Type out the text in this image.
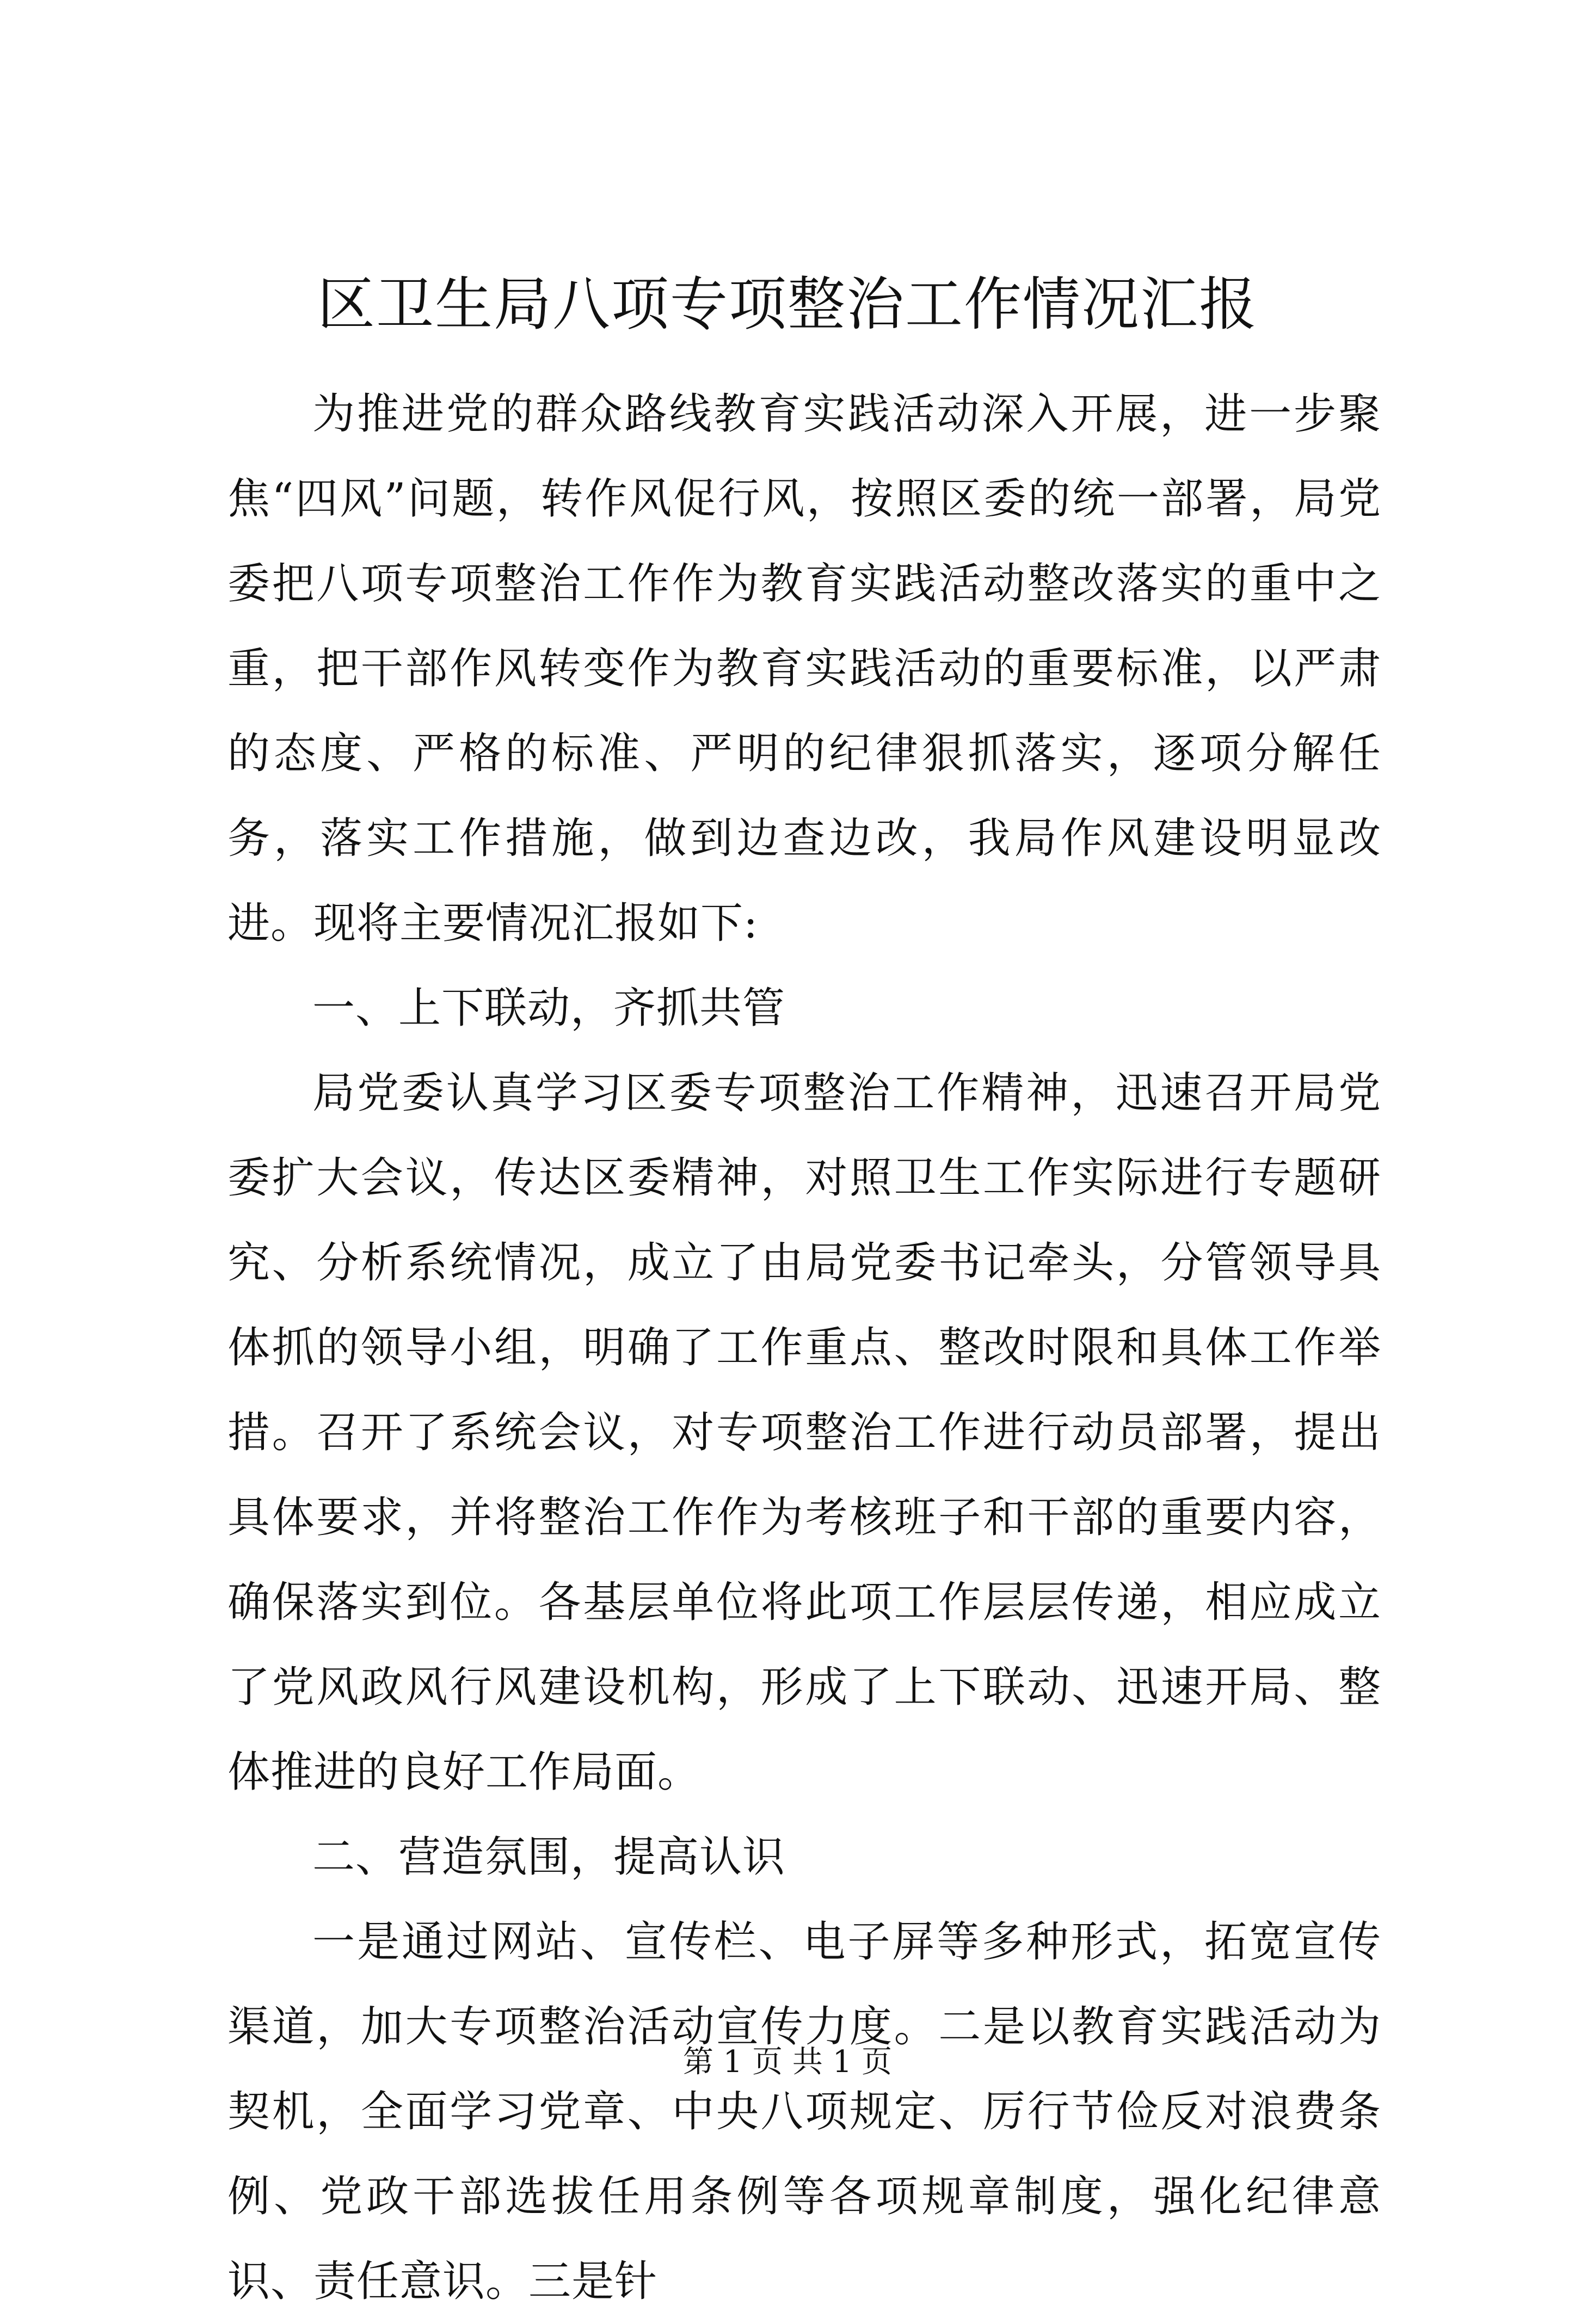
区卫生局八项专项整治工作情况汇报

为推进党的群众路线教育实践活动深入开展，进一步聚焦“四风”问题，转作风促行风，按照区委的统一部署，局党委把八项专项整治工作作为教育实践活动整改落实的重中之重，把干部作风转变作为教育实践活动的重要标准，以严肃的态度、严格的标准、严明的纪律狠抓落实，逐项分解任务，落实工作措施，做到边查边改，我局作风建设明显改进。现将主要情况汇报如下:

一、上下联动，齐抓共管

局党委认真学习区委专项整治工作精神，迅速召开局党委扩大会议，传达区委精神，对照卫生工作实际进行专题研究、分析系统情况，成立了由局党委书记牵头，分管领导具体抓的领导小组，明确了工作重点、整改时限和具体工作举措。召开了系统会议，对专项整治工作进行动员部署，提出具体要求，并将整治工作作为考核班子和干部的重要内容，确保落实到位。各基层单位将此项工作层层传递，相应成立了党风政风行风建设机构，形成了上下联动、迅速开局、整体推进的良好工作局面。

二、营造氛围，提高认识

一是通过网站、宣传栏、电子屏等多种形式，拓宽宣传渠道，加大专项整治活动宣传力度。二是以教育实践活动为契机，全面学习党章、中央八项规定、厉行节俭反对浪费条例、党政干部选拔任用条例等各项规章制度，强化纪律意识、责任意识。三是针

第 1 页 共 1 页
